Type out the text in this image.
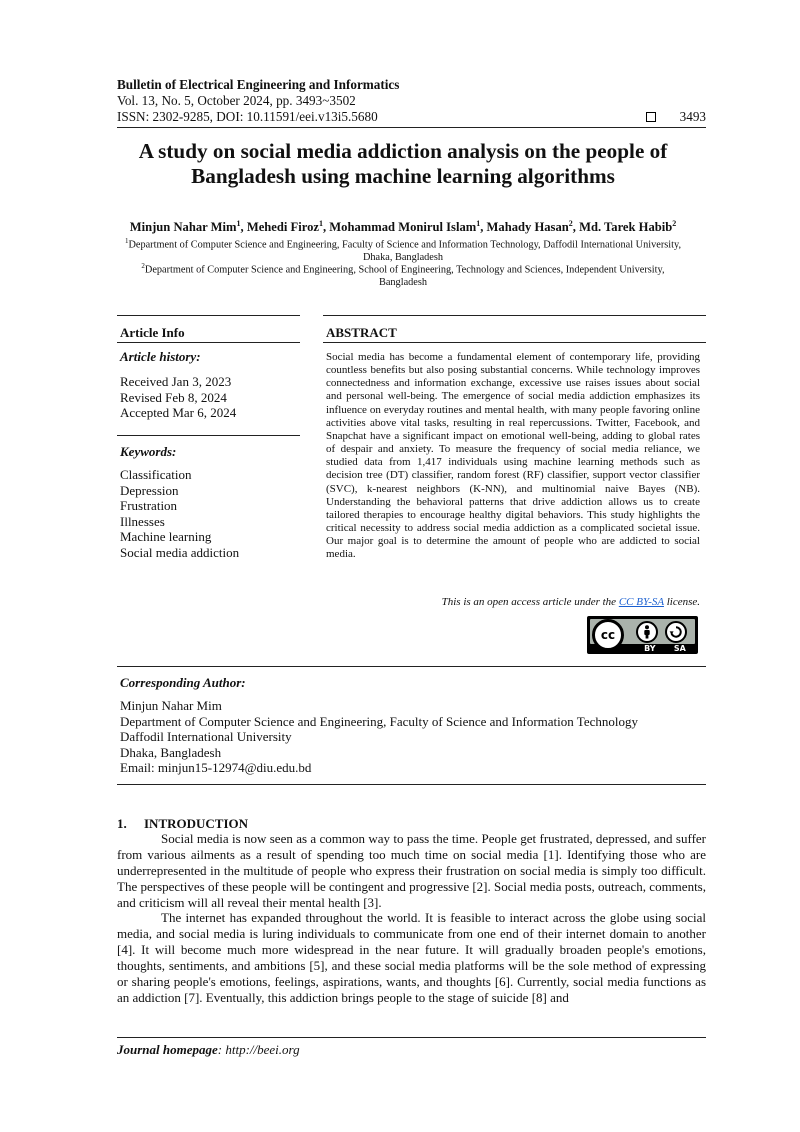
Bulletin of Electrical Engineering and Informatics
Vol. 13, No. 5, October 2024, pp. 3493~3502
ISSN: 2302-9285, DOI: 10.11591/eei.v13i5.5680	3493
A study on social media addiction analysis on the people of
Bangladesh using machine learning algorithms
Minjun Nahar Mim$^1$, Mehedi Firoz$^1$, Mohammad Monirul Islam$^1$, Mahady Hasan$^2$, Md. Tarek Habib$^2$
$^1$Department of Computer Science and Engineering, Faculty of Science and Information Technology, Daffodil International University,
Dhaka, Bangladesh
$^2$Department of Computer Science and Engineering, School of Engineering, Technology and Sciences, Independent University,
Bangladesh
Article Info
Article history:
Received Jan 3, 2023
Revised Feb 8, 2024
Accepted Mar 6, 2024
Keywords:
Classification
Depression
Frustration
Illnesses
Machine learning
Social media addiction
ABSTRACT
Social media has become a fundamental element of contemporary life, providing countless benefits but also posing substantial concerns. While technology improves connectedness and information exchange, excessive use raises issues about social and personal well-being. The emergence of social media addiction emphasizes its influence on everyday routines and mental health, with many people favoring online activities above vital tasks, resulting in real repercussions. Twitter, Facebook, and Snapchat have a significant impact on emotional well-being, adding to global rates of despair and anxiety. To measure the frequency of social media reliance, we studied data from 1,417 individuals using machine learning methods such as decision tree (DT) classifier, random forest (RF) classifier, support vector classifier (SVC), k-nearest neighbors (K-NN), and multinomial naive Bayes (NB). Understanding the behavioral patterns that drive addiction allows us to create tailored therapies to encourage healthy digital behaviors. This study highlights the critical necessity to address social media addiction as a complicated societal issue. Our major goal is to determine the amount of people who are addicted to social media.
This is an open access article under the CC BY-SA license.
cc
BY SA
Corresponding Author:
Minjun Nahar Mim
Department of Computer Science and Engineering, Faculty of Science and Information Technology
Daffodil International University
Dhaka, Bangladesh
Email: minjun15-12974@diu.edu.bd
1. INTRODUCTION
Social media is now seen as a common way to pass the time. People get frustrated, depressed, and suffer from various ailments as a result of spending too much time on social media [1]. Identifying those who are underrepresented in the multitude of people who express their frustration on social media is simply too difficult. The perspectives of these people will be contingent and progressive [2]. Social media posts, outreach, comments, and criticism will all reveal their mental health [3].
The internet has expanded throughout the world. It is feasible to interact across the globe using social media, and social media is luring individuals to communicate from one end of their internet domain to another [4]. It will become much more widespread in the near future. It will gradually broaden people's emotions, thoughts, sentiments, and ambitions [5], and these social media platforms will be the sole method of expressing or sharing people's emotions, feelings, aspirations, wants, and thoughts [6]. Currently, social media functions as an addiction [7]. Eventually, this addiction brings people to the stage of suicide [8] and
Journal homepage: http://beei.org
